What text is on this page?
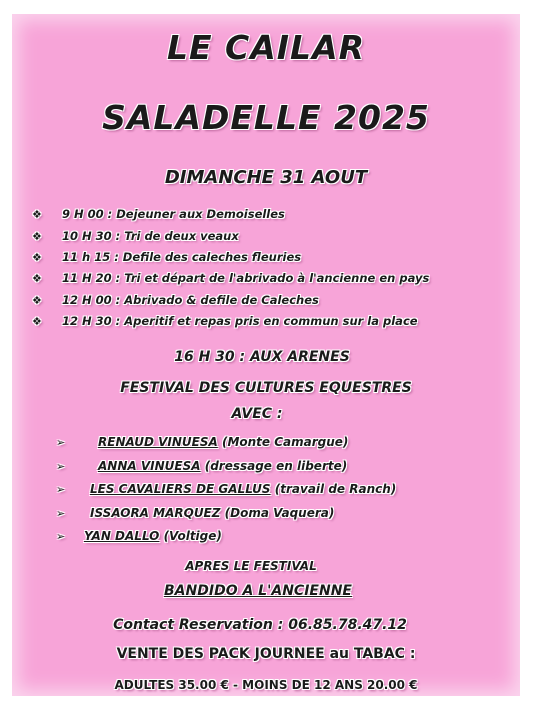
LE CAILAR
SALADELLE 2025
DIMANCHE 31 AOUT
❖ 9 H 00 : Dejeuner aux Demoiselles
❖ 10 H 30 : Tri de deux veaux
❖ 11 h 15 : Defile des caleches fleuries
❖ 11 H 20 : Tri et départ de l'abrivado à l'ancienne en pays
❖ 12 H 00 : Abrivado & defile de Caleches
❖ 12 H 30 : Aperitif et repas pris en commun sur la place
16 H 30 : AUX ARENES
FESTIVAL DES CULTURES EQUESTRES
AVEC :
➢	RENAUD VINUESA (Monte Camargue)
➢	ANNA VINUESA (dressage en liberte)
➢ LES CAVALIERS DE GALLUS (travail de Ranch)
➢ ISSAORA MARQUEZ (Doma Vaquera)
➢ YAN DALLO (Voltige)
APRES LE FESTIVAL
BANDIDO A L'ANCIENNE
Contact Reservation : 06.85.78.47.12
VENTE DES PACK JOURNEE au TABAC :
ADULTES 35.00 € - MOINS DE 12 ANS 20.00 €
